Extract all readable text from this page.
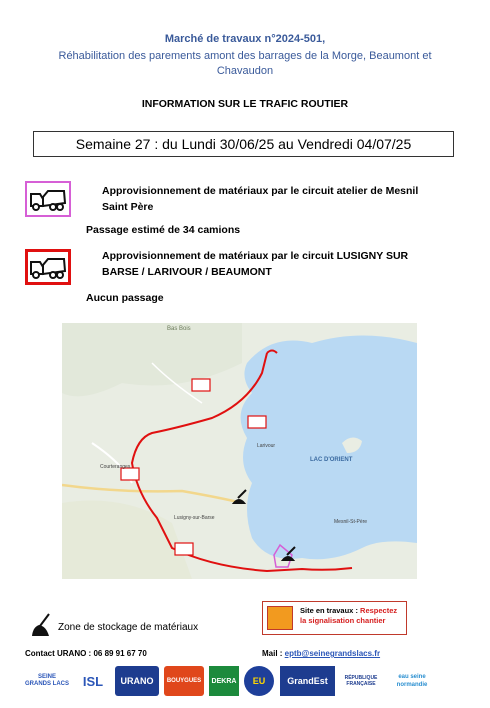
Marché de travaux n°2024-501,
Réhabilitation des parements amont des barrages de la Morge, Beaumont et
Chavaudon
INFORMATION SUR LE TRAFIC ROUTIER
Semaine 27 : du Lundi 30/06/25 au Vendredi 04/07/25
Approvisionnement de matériaux par le circuit atelier de Mesnil
Saint Père
Passage estimé de 34 camions
Approvisionnement de matériaux par le circuit LUSIGNY SUR
BARSE / LARIVOUR / BEAUMONT
Aucun passage
Bas Bois
LAC D'ORIENT
Lusigny-sur-Barse
Courteranges
Larivour
Mesnil-St-Père
Zone de stockage de matériaux
Site en travaux : Respectez
la signalisation chantier
Contact URANO : 06 89 91 67 70	Mail : eptb@seinegrandslacs.fr
SEINE GRANDS LACS	ISL	URANO	BOUYGUES	DEKRA	EU	GrandEst	RÉPUBLIQUE FRANÇAISE
eau seine normandie
